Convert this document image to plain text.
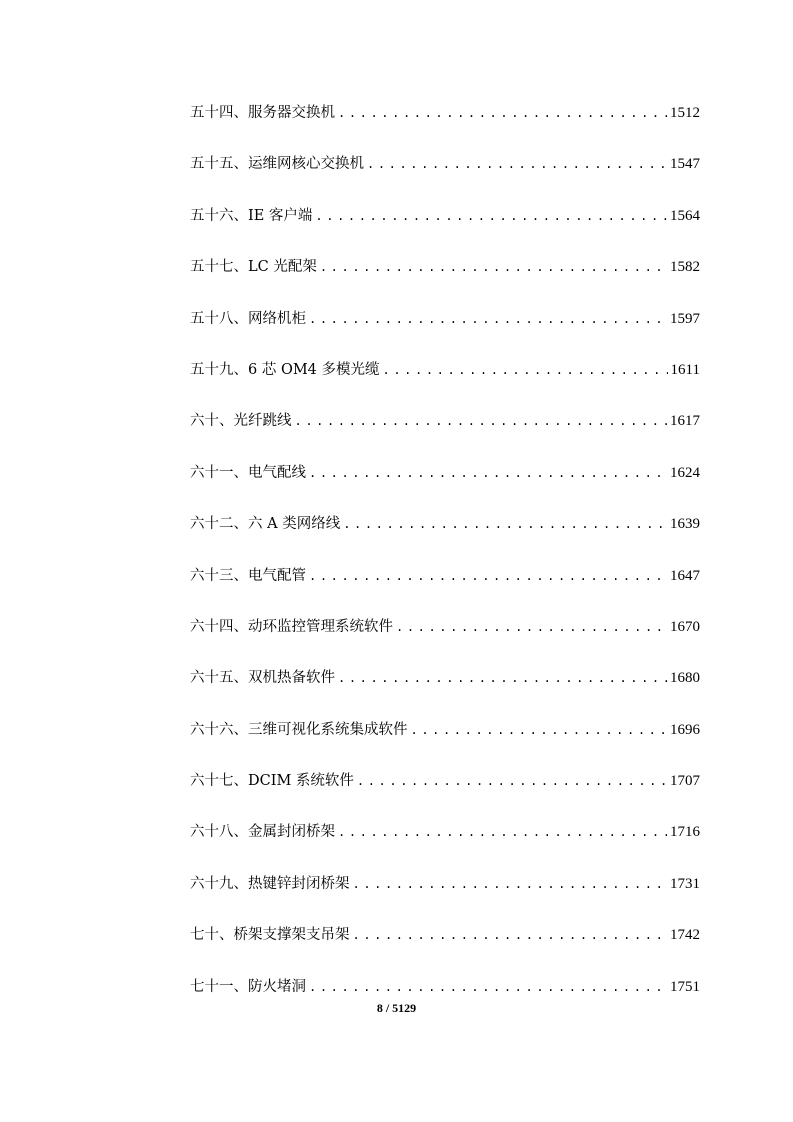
五十四、服务器交换机 .....	1512
五十五、运维网核心交换机 .....	1547
五十六、IE 客户端 .....	1564
五十七、LC 光配架 .....	1582
五十八、网络机柜 .....	1597
五十九、6 芯 OM4 多模光缆 .....	1611
六十、光纤跳线 .....	1617
六十一、电气配线 .....	1624
六十二、六 A 类网络线 .....	1639
六十三、电气配管 .....	1647
六十四、动环监控管理系统软件 .....	1670
六十五、双机热备软件 .....	1680
六十六、三维可视化系统集成软件 .....	1696
六十七、DCIM 系统软件 .....	1707
六十八、金属封闭桥架 .....	1716
六十九、热键锌封闭桥架 .....	1731
七十、桥架支撑架支吊架 .....	1742
七十一、防火堵洞 .....	1751
8 / 5129
